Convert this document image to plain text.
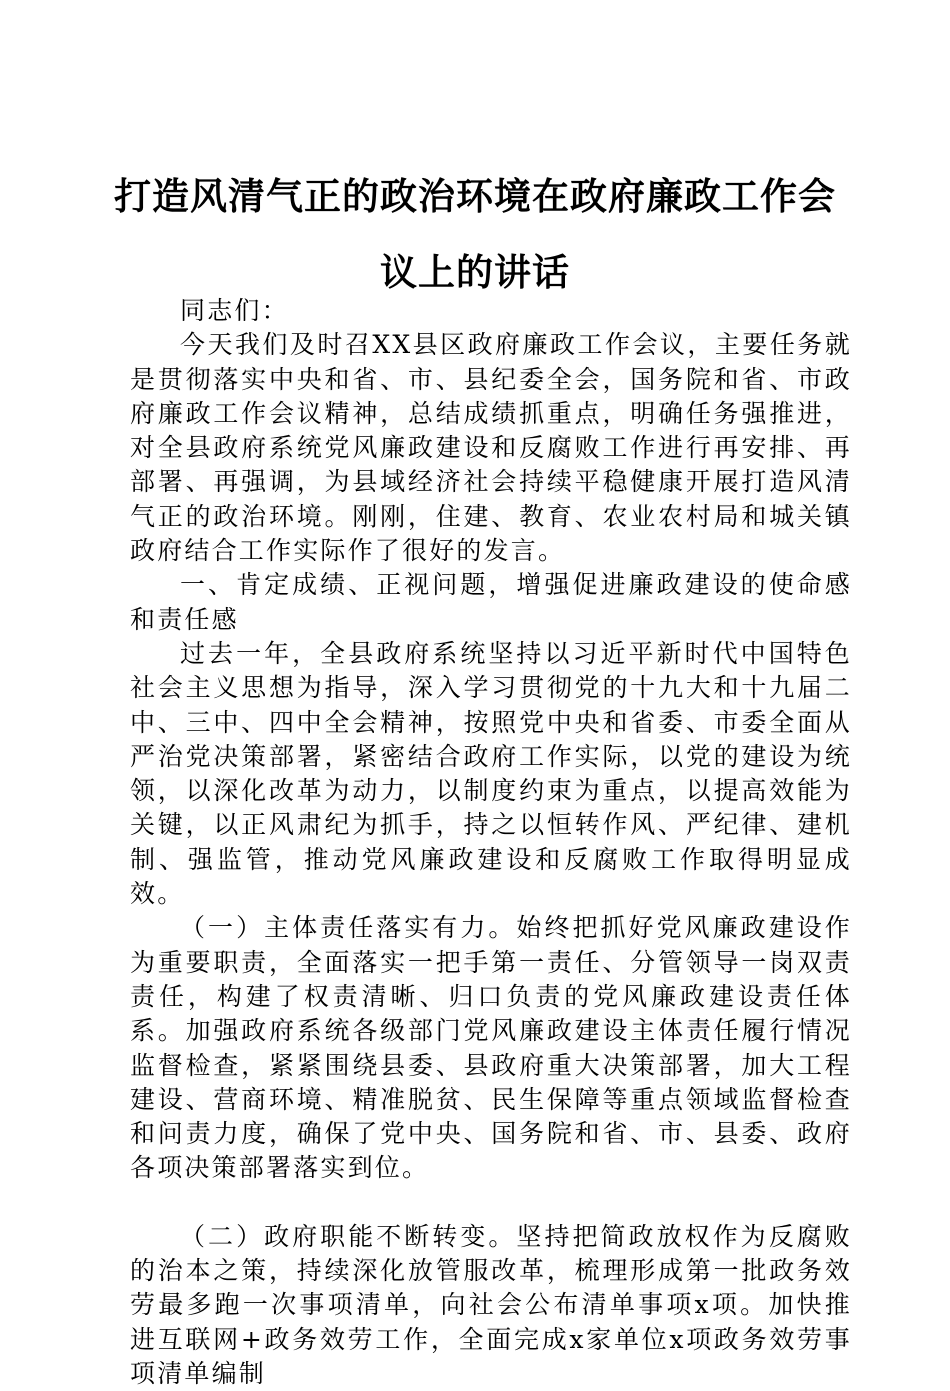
打造风清气正的政治环境在政府廉政工作会议上的讲话

同志们：

今天我们及时召XX县区政府廉政工作会议，主要任务就是贯彻落实中央和省、市、县纪委全会，国务院和省、市政府廉政工作会议精神，总结成绩抓重点，明确任务强推进，对全县政府系统党风廉政建设和反腐败工作进行再安排、再部署、再强调，为县域经济社会持续平稳健康开展打造风清气正的政治环境。刚刚，住建、教育、农业农村局和城关镇政府结合工作实际作了很好的发言。

一、肯定成绩、正视问题，增强促进廉政建设的使命感和责任感

过去一年，全县政府系统坚持以习近平新时代中国特色社会主义思想为指导，深入学习贯彻党的十九大和十九届二中、三中、四中全会精神，按照党中央和省委、市委全面从严治党决策部署，紧密结合政府工作实际，以党的建设为统领，以深化改革为动力，以制度约束为重点，以提高效能为关键，以正风肃纪为抓手，持之以恒转作风、严纪律、建机制、强监管，推动党风廉政建设和反腐败工作取得明显成效。

（一）主体责任落实有力。始终把抓好党风廉政建设作为重要职责，全面落实一把手第一责任、分管领导一岗双责责任，构建了权责清晰、归口负责的党风廉政建设责任体系。加强政府系统各级部门党风廉政建设主体责任履行情况监督检查，紧紧围绕县委、县政府重大决策部署，加大工程建设、营商环境、精准脱贫、民生保障等重点领域监督检查和问责力度，确保了党中央、国务院和省、市、县委、政府各项决策部署落实到位。

（二）政府职能不断转变。坚持把简政放权作为反腐败的治本之策，持续深化放管服改革，梳理形成第一批政务效劳最多跑一次事项清单，向社会公布清单事项x项。加快推进互联网+政务效劳工作，全面完成x家单位x项政务效劳事项清单编制
